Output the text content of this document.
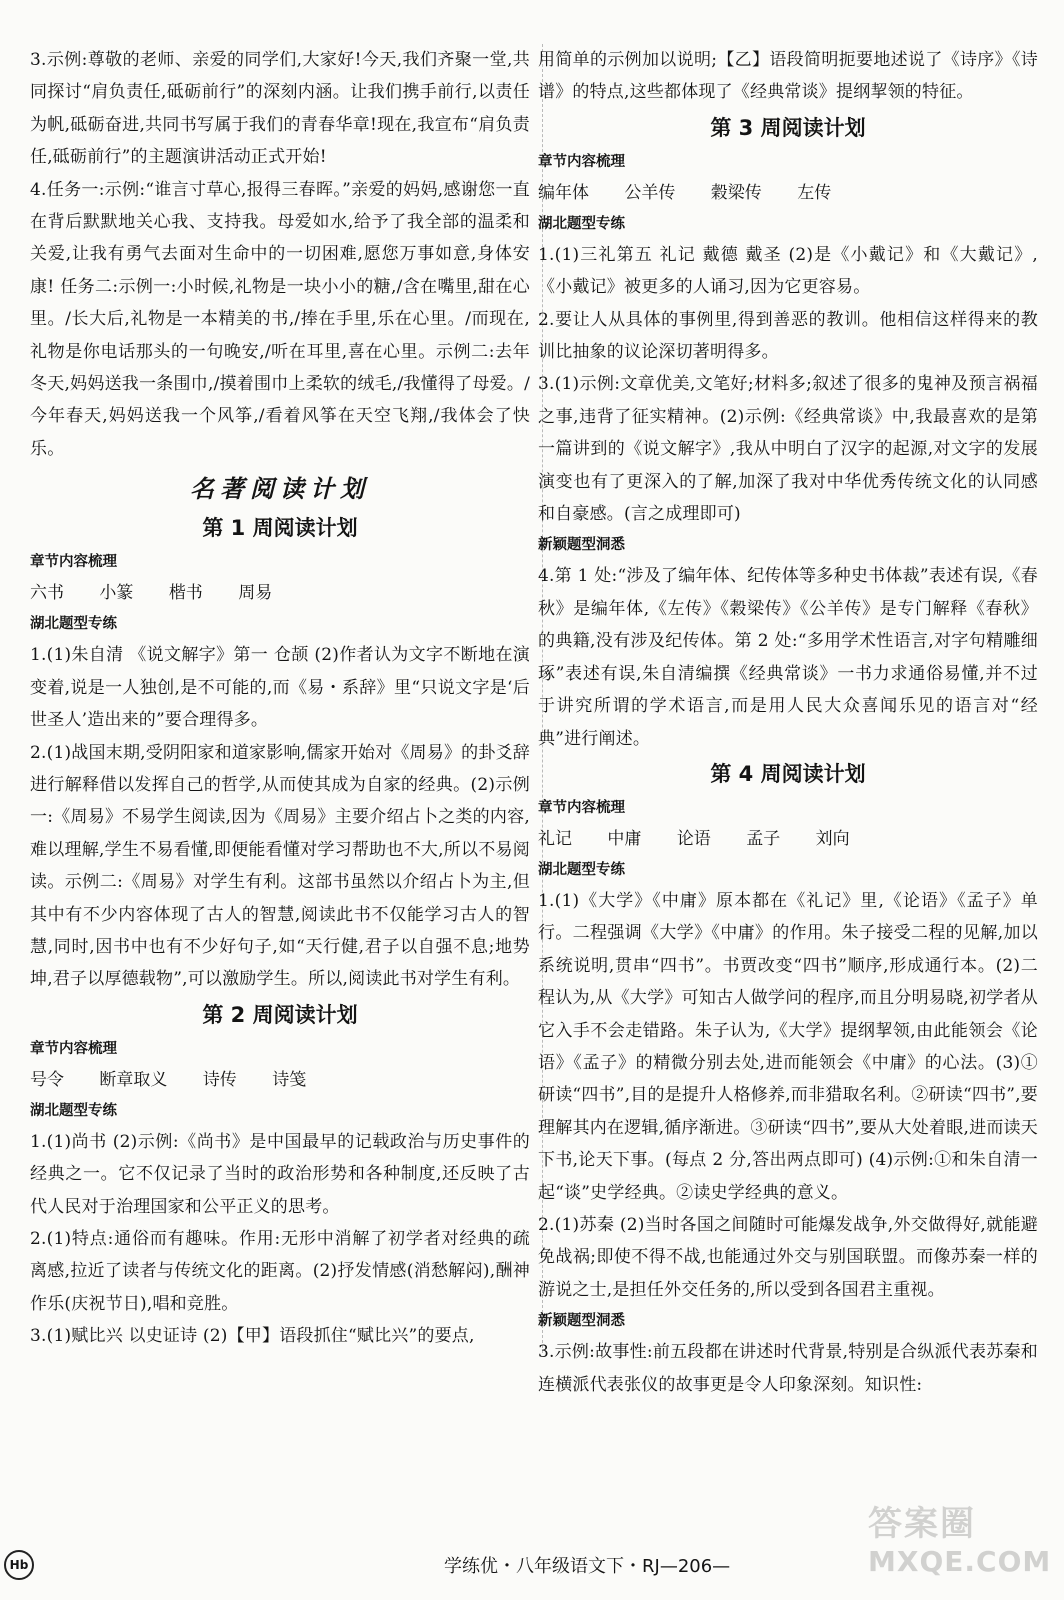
3.示例:尊敬的老师、亲爱的同学们,大家好!今天,我们齐聚一堂,共同探讨“肩负责任,砥砺前行”的深刻内涵。让我们携手前行,以责任为帆,砥砺奋进,共同书写属于我们的青春华章!现在,我宣布“肩负责任,砥砺前行”的主题演讲活动正式开始!

4.任务一:示例:“谁言寸草心,报得三春晖。”亲爱的妈妈,感谢您一直在背后默默地关心我、支持我。母爱如水,给予了我全部的温柔和关爱,让我有勇气去面对生命中的一切困难,愿您万事如意,身体安康! 任务二:示例一:小时候,礼物是一块小小的糖,/含在嘴里,甜在心里。/长大后,礼物是一本精美的书,/捧在手里,乐在心里。/而现在,礼物是你电话那头的一句晚安,/听在耳里,喜在心里。示例二:去年冬天,妈妈送我一条围巾,/摸着围巾上柔软的绒毛,/我懂得了母爱。/今年春天,妈妈送我一个风筝,/看着风筝在天空飞翔,/我体会了快乐。

名著阅读计划

第 1 周阅读计划

章节内容梳理

六书 小篆 楷书 周易

湖北题型专练

1.(1)朱自清 《说文解字》第一 仓颉 (2)作者认为文字不断地在演变着,说是一人独创,是不可能的,而《易・系辞》里“只说文字是‘后世圣人’造出来的”要合理得多。

2.(1)战国末期,受阴阳家和道家影响,儒家开始对《周易》的卦爻辞进行解释借以发挥自己的哲学,从而使其成为自家的经典。(2)示例一:《周易》不易学生阅读,因为《周易》主要介绍占卜之类的内容,难以理解,学生不易看懂,即便能看懂对学习帮助也不大,所以不易阅读。示例二:《周易》对学生有利。这部书虽然以介绍占卜为主,但其中有不少内容体现了古人的智慧,阅读此书不仅能学习古人的智慧,同时,因书中也有不少好句子,如“天行健,君子以自强不息;地势坤,君子以厚德载物”,可以激励学生。所以,阅读此书对学生有利。

第 2 周阅读计划

章节内容梳理

号令 断章取义 诗传 诗笺

湖北题型专练

1.(1)尚书 (2)示例:《尚书》是中国最早的记载政治与历史事件的经典之一。它不仅记录了当时的政治形势和各种制度,还反映了古代人民对于治理国家和公平正义的思考。

2.(1)特点:通俗而有趣味。作用:无形中消解了初学者对经典的疏离感,拉近了读者与传统文化的距离。(2)抒发情感(消愁解闷),酬神作乐(庆祝节日),唱和竞胜。

3.(1)赋比兴 以史证诗 (2)【甲】语段抓住“赋比兴”的要点,

用简单的示例加以说明;【乙】语段简明扼要地述说了《诗序》《诗谱》的特点,这些都体现了《经典常谈》提纲挈领的特征。

第 3 周阅读计划

章节内容梳理

编年体 公羊传 穀梁传 左传

湖北题型专练

1.(1)三礼第五 礼记 戴德 戴圣 (2)是《小戴记》和《大戴记》,《小戴记》被更多的人诵习,因为它更容易。

2.要让人从具体的事例里,得到善恶的教训。他相信这样得来的教训比抽象的议论深切著明得多。

3.(1)示例:文章优美,文笔好;材料多;叙述了很多的鬼神及预言祸福之事,违背了征实精神。(2)示例:《经典常谈》中,我最喜欢的是第一篇讲到的《说文解字》,我从中明白了汉字的起源,对文字的发展演变也有了更深入的了解,加深了我对中华优秀传统文化的认同感和自豪感。(言之成理即可)

新颖题型洞悉

4.第 1 处:“涉及了编年体、纪传体等多种史书体裁”表述有误,《春秋》是编年体,《左传》《穀梁传》《公羊传》是专门解释《春秋》的典籍,没有涉及纪传体。第 2 处:“多用学术性语言,对字句精雕细琢”表述有误,朱自清编撰《经典常谈》一书力求通俗易懂,并不过于讲究所谓的学术语言,而是用人民大众喜闻乐见的语言对“经典”进行阐述。

第 4 周阅读计划

章节内容梳理

礼记 中庸 论语 孟子 刘向

湖北题型专练

1.(1)《大学》《中庸》原本都在《礼记》里,《论语》《孟子》单行。二程强调《大学》《中庸》的作用。朱子接受二程的见解,加以系统说明,贯串“四书”。书贾改变“四书”顺序,形成通行本。(2)二程认为,从《大学》可知古人做学问的程序,而且分明易晓,初学者从它入手不会走错路。朱子认为,《大学》提纲挈领,由此能领会《论语》《孟子》的精微分别去处,进而能领会《中庸》的心法。(3)①研读“四书”,目的是提升人格修养,而非猎取名利。②研读“四书”,要理解其内在逻辑,循序渐进。③研读“四书”,要从大处着眼,进而读天下书,论天下事。(每点 2 分,答出两点即可) (4)示例:①和朱自清一起“谈”史学经典。②读史学经典的意义。

2.(1)苏秦 (2)当时各国之间随时可能爆发战争,外交做得好,就能避免战祸;即使不得不战,也能通过外交与别国联盟。而像苏秦一样的游说之士,是担任外交任务的,所以受到各国君主重视。

新颖题型洞悉

3.示例:故事性:前五段都在讲述时代背景,特别是合纵派代表苏秦和连横派代表张仪的故事更是令人印象深刻。知识性:

答案圈
MXQE.COM
Hb	学练优・八年级语文下・RJ—206—
